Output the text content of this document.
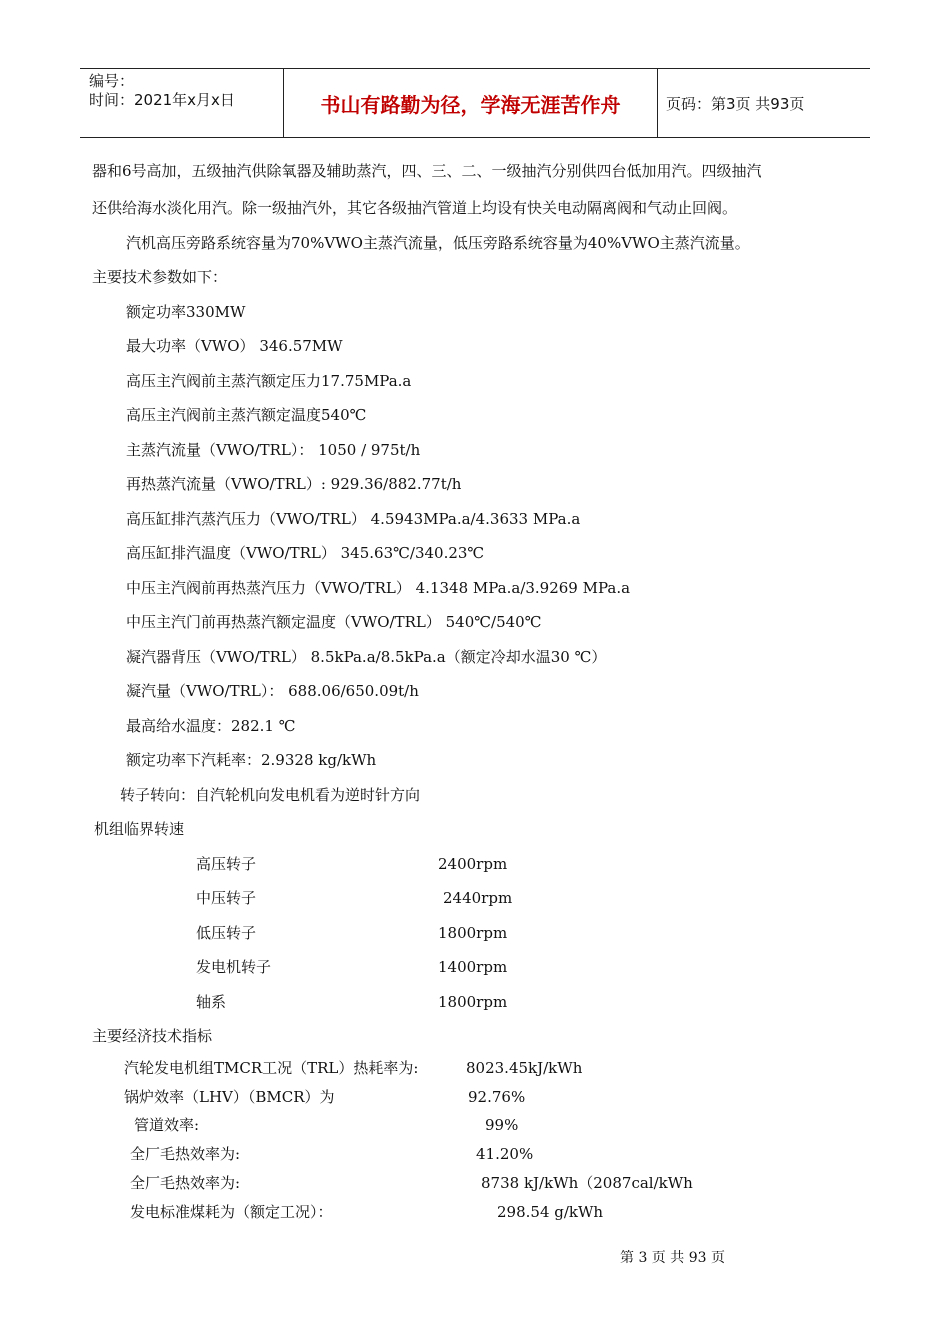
编号：
时间：2021年x月x日	书山有路勤为径，学海无涯苦作舟	页码：第3页 共93页
器和6号高加，五级抽汽供除氧器及辅助蒸汽，四、三、二、一级抽汽分别供四台低加用汽。四级抽汽
还供给海水淡化用汽。除一级抽汽外，其它各级抽汽管道上均设有快关电动隔离阀和气动止回阀。
汽机高压旁路系统容量为70%VWO主蒸汽流量，低压旁路系统容量为40%VWO主蒸汽流量。
主要技术参数如下：
额定功率330MW
最大功率（VWO） 346.57MW
高压主汽阀前主蒸汽额定压力17.75MPa.a
高压主汽阀前主蒸汽额定温度540℃
主蒸汽流量（VWO/TRL）： 1050 / 975t/h
再热蒸汽流量（VWO/TRL）: 929.36/882.77t/h
高压缸排汽蒸汽压力（VWO/TRL） 4.5943MPa.a/4.3633 MPa.a
高压缸排汽温度（VWO/TRL） 345.63℃/340.23℃
中压主汽阀前再热蒸汽压力（VWO/TRL） 4.1348 MPa.a/3.9269 MPa.a
中压主汽门前再热蒸汽额定温度（VWO/TRL） 540℃/540℃
凝汽器背压（VWO/TRL） 8.5kPa.a/8.5kPa.a（额定冷却水温30 ℃）
凝汽量（VWO/TRL）： 688.06/650.09t/h
最高给水温度：282.1 ℃
额定功率下汽耗率：2.9328 kg/kWh
转子转向：自汽轮机向发电机看为逆时针方向
机组临界转速
高压转子	2400rpm
中压转子	2440rpm
低压转子	1800rpm
发电机转子	1400rpm
轴系	1800rpm
主要经济技术指标
汽轮发电机组TMCR工况（TRL）热耗率为:	8023.45kJ/kWh
锅炉效率（LHV）（BMCR）为	92.76%
管道效率:	99%
全厂毛热效率为:	41.20%
全厂毛热效率为:	8738 kJ/kWh（2087cal/kWh
发电标准煤耗为（额定工况）：	298.54 g/kWh
第 3 页 共 93 页
